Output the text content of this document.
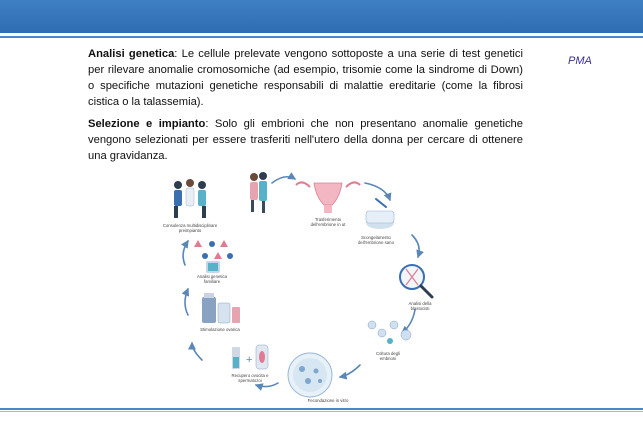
Analisi genetica: Le cellule prelevate vengono sottoposte a una serie di test genetici per rilevare anomalie cromosomiche (ad esempio, trisomie come la sindrome di Down) o specifiche mutazioni genetiche responsabili di malattie ereditarie (come la fibrosi cistica o la talassemia).
Selezione e impianto: Solo gli embrioni che non presentano anomalie genetiche vengono selezionati per essere trasferiti nell'utero della donna per cercare di ottenere una gravidanza.
PMA
Consulenza multidisciplinare
preimpianto
Analisi genetica
familiare
Stimolazione ovarica
+
Recupero ovocita e
spermatozoi
Fecondazione in vitro
Coltura degli
embrioni
Analisi della
blastocisti
Scongelamento
dell'embrione sano
Trasferimento
dell'embrione in ut
